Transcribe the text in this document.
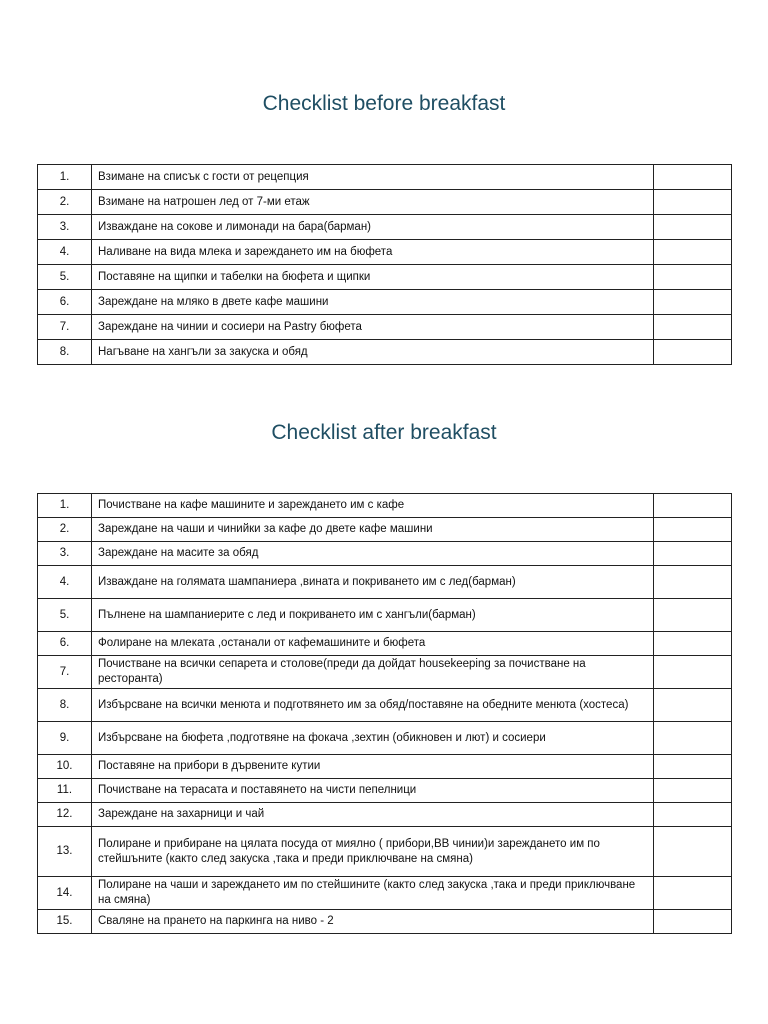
Checklist before breakfast
1.	Взимане на списък с гости от рецепция	
2.	Взимане на натрошен лед от 7-ми етаж	
3.	Изваждане на сокове и лимонади на бара(барман)	
4.	Наливане на вида млека и зареждането им на бюфета	
5.	Поставяне на щипки и табелки на бюфета и щипки	
6.	Зареждане на мляко в двете кафе машини	
7.	Зареждане на чинии и сосиери на Pastry бюфета	
8.	Нагъване на хангъли за закуска и обяд	
Checklist after breakfast
1.	Почистване на кафе машините и зареждането им с кафе	
2.	Зареждане на чаши и чинийки за кафе до двете кафе машини	
3.	Зареждане на масите за обяд	
4.	Изваждане на голямата шампаниера ,вината и покриването им с лед(барман)	
5.	Пълнене на шампаниерите с лед и покриването им с хангъли(барман)	
6.	Фолиране на млеката ,останали от кафемашините и бюфета	
7.	Почистване на всички сепарета и столове(преди да дойдат housekeeping за почистване на ресторанта)	
8.	Избърсване на всички менюта и подготвянето им за обяд/поставяне на обедните менюта (хостеса)	
9.	Избърсване на бюфета ,подготвяне на фокача ,зехтин (обикновен и лют) и сосиери	
10.	Поставяне на прибори в дървените кутии	
11.	Почистване на терасата и поставянето на чисти пепелници	
12.	Зареждане на захарници и чай	
13.	Полиране и прибиране на цялата посуда от миялно ( прибори,ВВ чинии)и зареждането им по стейшъните (както след закуска ,така и преди приключване на смяна)	
14.	Полиране на чаши и зареждането им по стейшините (както след закуска ,така и преди приключване на смяна)	
15.	Сваляне на прането на паркинга на ниво - 2	
